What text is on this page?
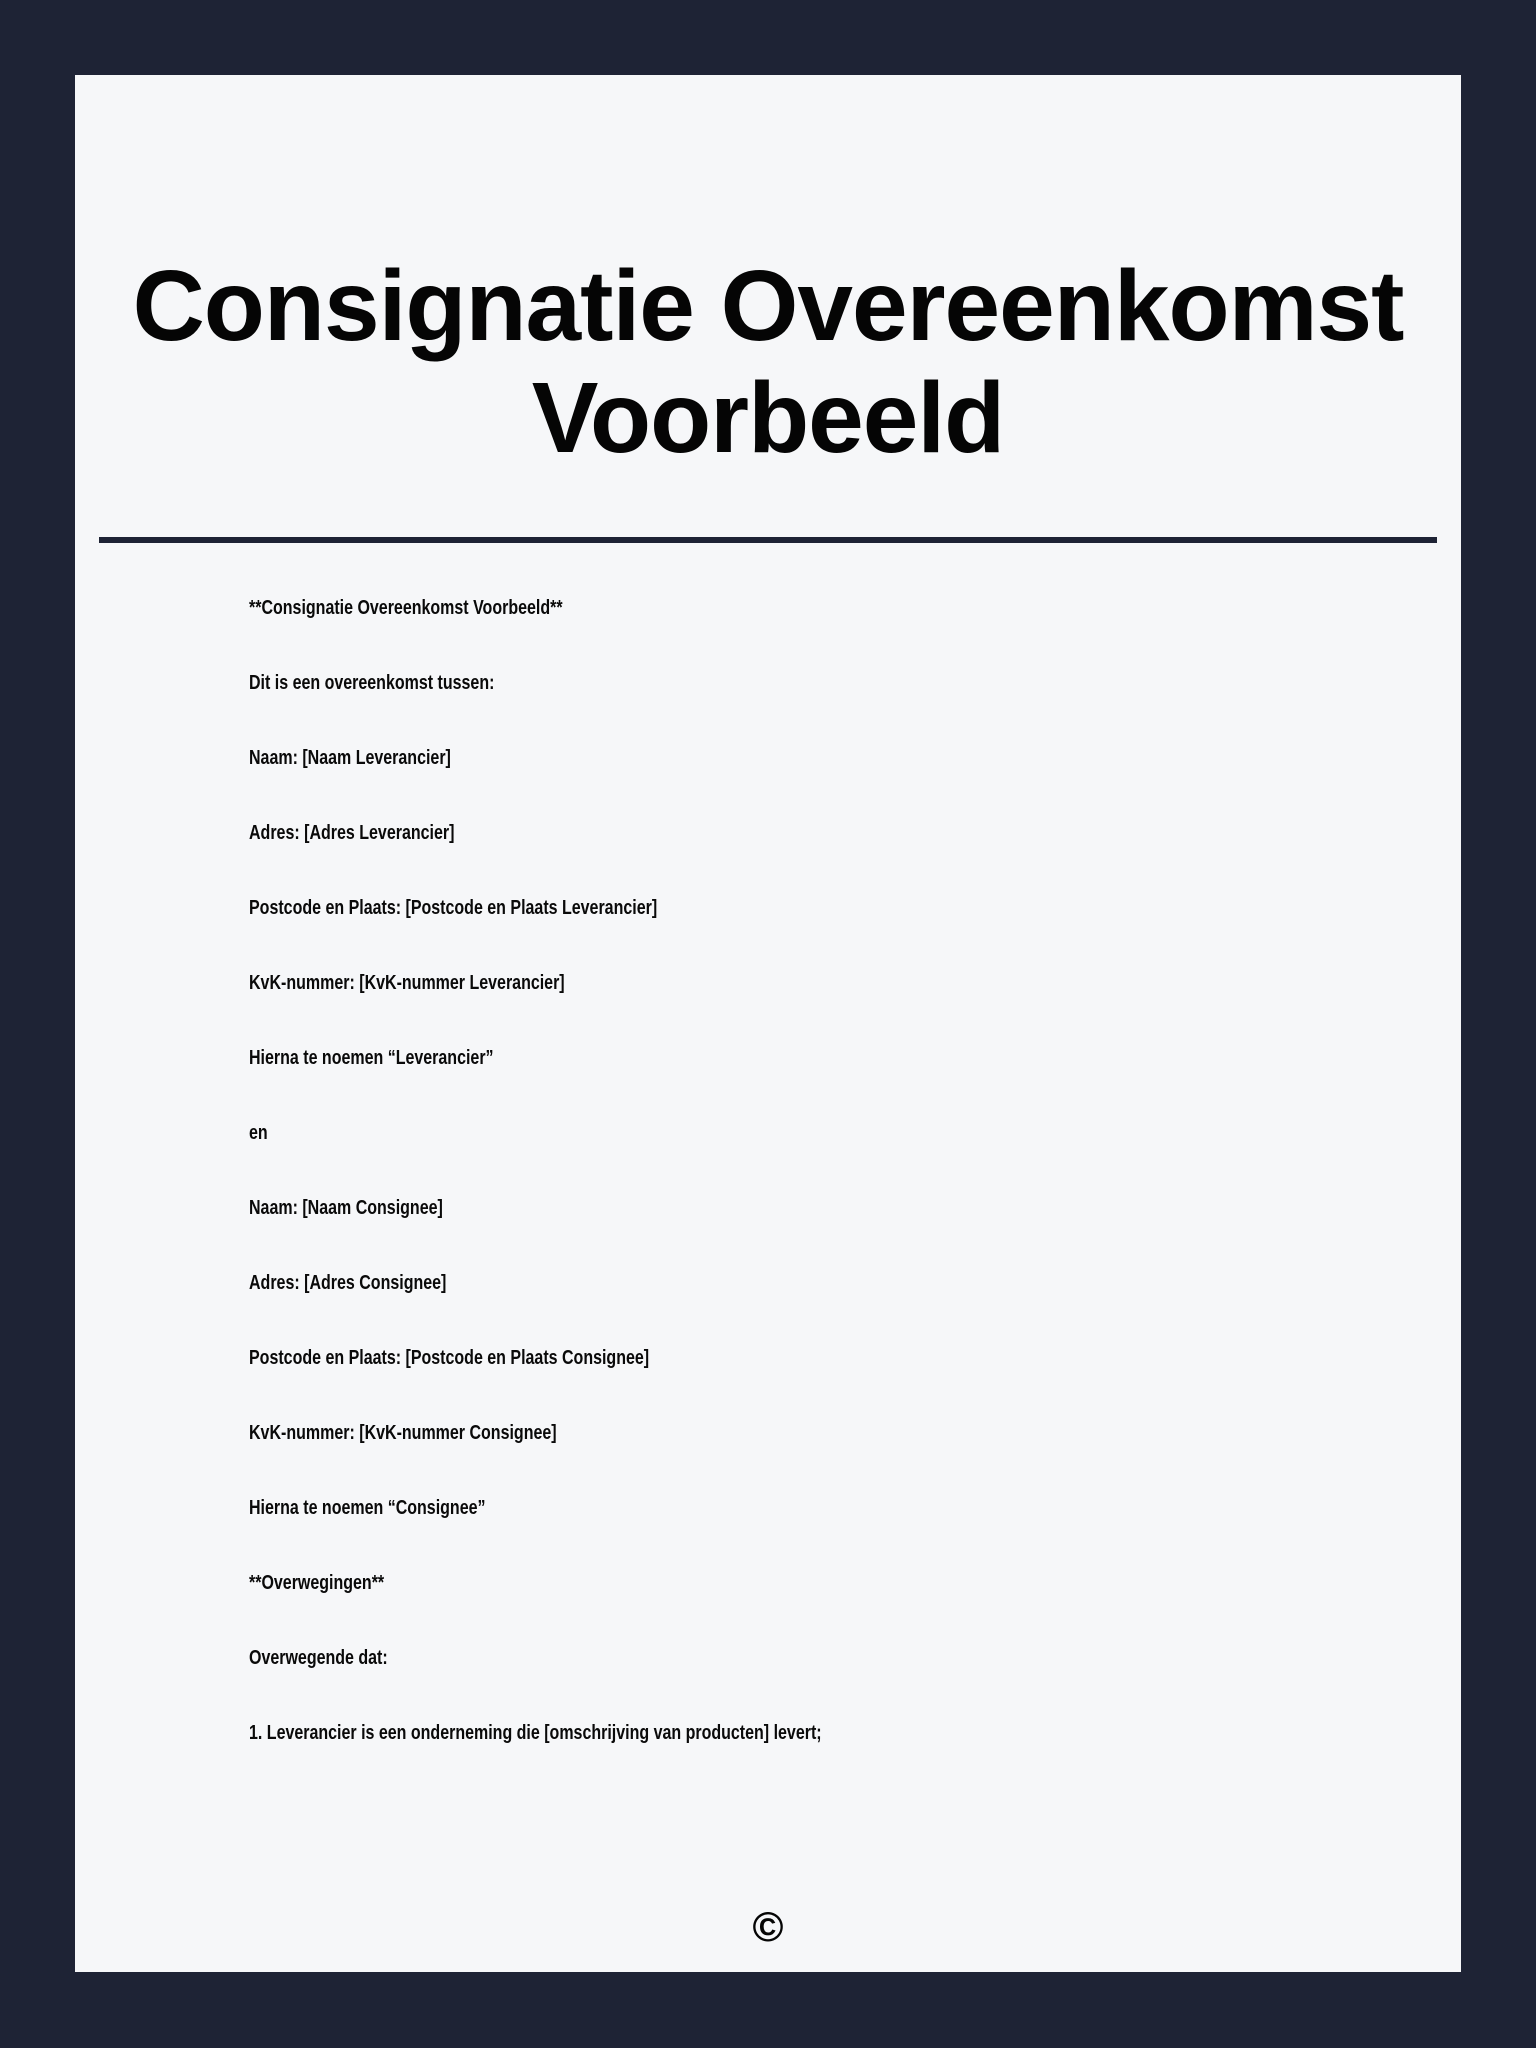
Consignatie Overeenkomst Voorbeeld

**Consignatie Overeenkomst Voorbeeld**

Dit is een overeenkomst tussen:

Naam: [Naam Leverancier]

Adres: [Adres Leverancier]

Postcode en Plaats: [Postcode en Plaats Leverancier]

KvK-nummer: [KvK-nummer Leverancier]

Hierna te noemen “Leverancier”

en

Naam: [Naam Consignee]

Adres: [Adres Consignee]

Postcode en Plaats: [Postcode en Plaats Consignee]

KvK-nummer: [KvK-nummer Consignee]

Hierna te noemen “Consignee”

**Overwegingen**

Overwegende dat:

1. Leverancier is een onderneming die [omschrijving van producten] levert;

©
